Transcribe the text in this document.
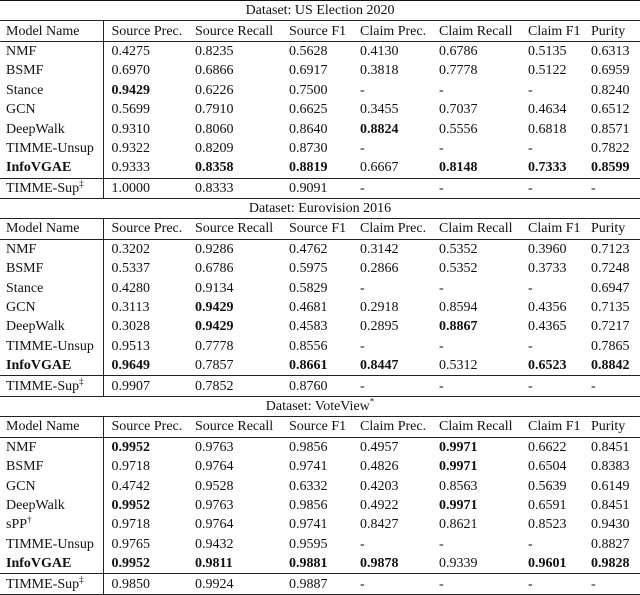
Dataset: US Election 2020							
Model Name	Source Prec.	Source Recall	Source F1	Claim Prec.	Claim Recall	Claim F1	Purity
NMF	0.4275	0.8235	0.5628	0.4130	0.6786	0.5135	0.6313
BSMF	0.6970	0.6866	0.6917	0.3818	0.7778	0.5122	0.6959
Stance	0.9429	0.6226	0.7500	-	-	-	0.8240
GCN	0.5699	0.7910	0.6625	0.3455	0.7037	0.4634	0.6512
DeepWalk	0.9310	0.8060	0.8640	0.8824	0.5556	0.6818	0.8571
TIMME-Unsup	0.9322	0.8209	0.8730	-	-	-	0.7822
InfoVGAE	0.9333	0.8358	0.8819	0.6667	0.8148	0.7333	0.8599
TIMME-Sup‡	1.0000	0.8333	0.9091	-	-	-	-
Dataset: Eurovision 2016							
Model Name	Source Prec.	Source Recall	Source F1	Claim Prec.	Claim Recall	Claim F1	Purity
NMF	0.3202	0.9286	0.4762	0.3142	0.5352	0.3960	0.7123
BSMF	0.5337	0.6786	0.5975	0.2866	0.5352	0.3733	0.7248
Stance	0.4280	0.9134	0.5829	-	-	-	0.6947
GCN	0.3113	0.9429	0.4681	0.2918	0.8594	0.4356	0.7135
DeepWalk	0.3028	0.9429	0.4583	0.2895	0.8867	0.4365	0.7217
TIMME-Unsup	0.9513	0.7778	0.8556	-	-	-	0.7865
InfoVGAE	0.9649	0.7857	0.8661	0.8447	0.5312	0.6523	0.8842
TIMME-Sup‡	0.9907	0.7852	0.8760	-	-	-	-
Dataset: VoteView*
Model Name	Source Prec.	Source Recall	Source F1	Claim Prec.	Claim Recall	Claim F1	Purity
NMF	0.9952	0.9763	0.9856	0.4957	0.9971	0.6622	0.8451
BSMF	0.9718	0.9764	0.9741	0.4826	0.9971	0.6504	0.8383
GCN	0.4742	0.9528	0.6332	0.4203	0.8563	0.5639	0.6149
DeepWalk	0.9952	0.9763	0.9856	0.4922	0.9971	0.6591	0.8451
sPP†	0.9718	0.9764	0.9741	0.8427	0.8621	0.8523	0.9430
TIMME-Unsup	0.9765	0.9432	0.9595	-	-	-	0.8827
InfoVGAE	0.9952	0.9811	0.9881	0.9878	0.9339	0.9601	0.9828
TIMME-Sup‡	0.9850	0.9924	0.9887	-	-	-	-
